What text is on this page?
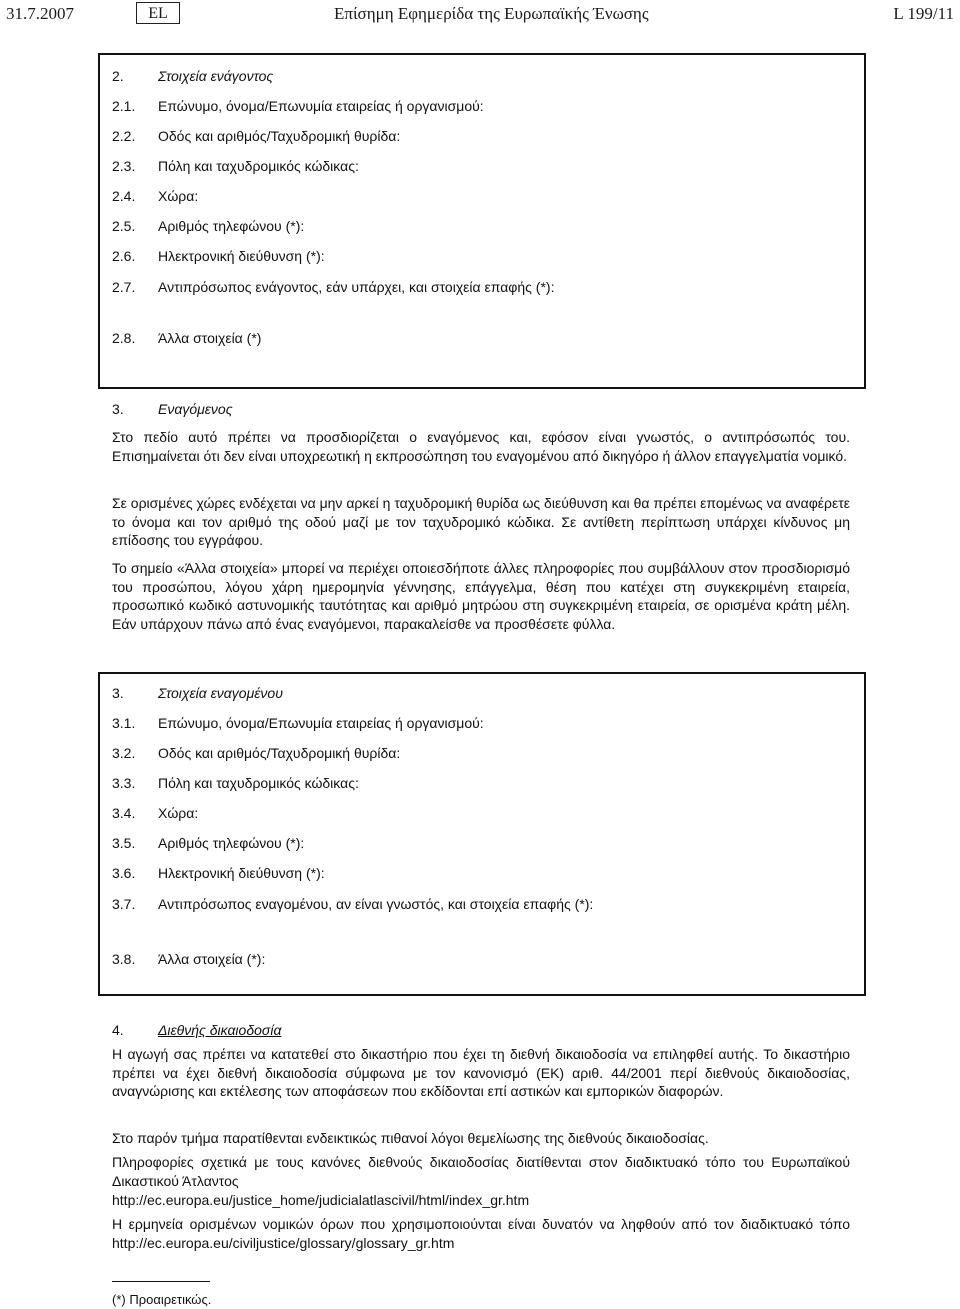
31.7.2007	EL	Επίσημη Εφημερίδα της Ευρωπαϊκής Ένωσης	L 199/11
2. Στοιχεία ενάγοντος
2.1. Επώνυμο, όνομα/Επωνυμία εταιρείας ή οργανισμού:
2.2. Οδός και αριθμός/Ταχυδρομική θυρίδα:
2.3. Πόλη και ταχυδρομικός κώδικας:
2.4. Χώρα:
2.5. Αριθμός τηλεφώνου (*):
2.6. Ηλεκτρονική διεύθυνση (*):
2.7. Αντιπρόσωπος ενάγοντος, εάν υπάρχει, και στοιχεία επαφής (*):
2.8. Άλλα στοιχεία (*)
3. Εναγόμενος

Στο πεδίο αυτό πρέπει να προσδιορίζεται ο εναγόμενος και, εφόσον είναι γνωστός, ο αντιπρόσωπός του. Επισημαίνεται ότι δεν είναι υποχρεωτική η εκπροσώπηση του εναγομένου από δικηγόρο ή άλλον επαγγελματία νομικό.

Σε ορισμένες χώρες ενδέχεται να μην αρκεί η ταχυδρομική θυρίδα ως διεύθυνση και θα πρέπει επομένως να αναφέρετε το όνομα και τον αριθμό της οδού μαζί με τον ταχυδρομικό κώδικα. Σε αντίθετη περίπτωση υπάρχει κίνδυνος μη επίδοσης του εγγράφου.

Το σημείο «Άλλα στοιχεία» μπορεί να περιέχει οποιεσδήποτε άλλες πληροφορίες που συμβάλλουν στον προσδιορισμό του προσώπου, λόγου χάρη ημερομηνία γέννησης, επάγγελμα, θέση που κατέχει στη συγκεκριμένη εταιρεία, προσωπικό κωδικό αστυνομικής ταυτότητας και αριθμό μητρώου στη συγκεκριμένη εταιρεία, σε ορισμένα κράτη μέλη. Εάν υπάρχουν πάνω από ένας εναγόμενοι, παρακαλείσθε να προσθέσετε φύλλα.

3. Στοιχεία εναγομένου
3.1. Επώνυμο, όνομα/Επωνυμία εταιρείας ή οργανισμού:
3.2. Οδός και αριθμός/Ταχυδρομική θυρίδα:
3.3. Πόλη και ταχυδρομικός κώδικας:
3.4. Χώρα:
3.5. Αριθμός τηλεφώνου (*):
3.6. Ηλεκτρονική διεύθυνση (*):
3.7. Αντιπρόσωπος εναγομένου, αν είναι γνωστός, και στοιχεία επαφής (*):
3.8. Άλλα στοιχεία (*):
4. Διεθνής δικαιοδοσία

Η αγωγή σας πρέπει να κατατεθεί στο δικαστήριο που έχει τη διεθνή δικαιοδοσία να επιληφθεί αυτής. Το δικαστήριο πρέπει να έχει διεθνή δικαιοδοσία σύμφωνα με τον κανονισμό (ΕΚ) αριθ. 44/2001 περί διεθνούς δικαιοδοσίας, αναγνώρισης και εκτέλεσης των αποφάσεων που εκδίδονται επί αστικών και εμπορικών διαφορών.

Στο παρόν τμήμα παρατίθενται ενδεικτικώς πιθανοί λόγοι θεμελίωσης της διεθνούς δικαιοδοσίας.

Πληροφορίες σχετικά με τους κανόνες διεθνούς δικαιοδοσίας διατίθενται στον διαδικτυακό τόπο του Ευρωπαϊκού Δικαστικού Άτλαντος

http://ec.europa.eu/justice_home/judicialatlascivil/html/index_gr.htm

Η ερμηνεία ορισμένων νομικών όρων που χρησιμοποιούνται είναι δυνατόν να ληφθούν από τον διαδικτυακό τόπο http://ec.europa.eu/civiljustice/glossary/glossary_gr.htm

(*) Προαιρετικώς.
